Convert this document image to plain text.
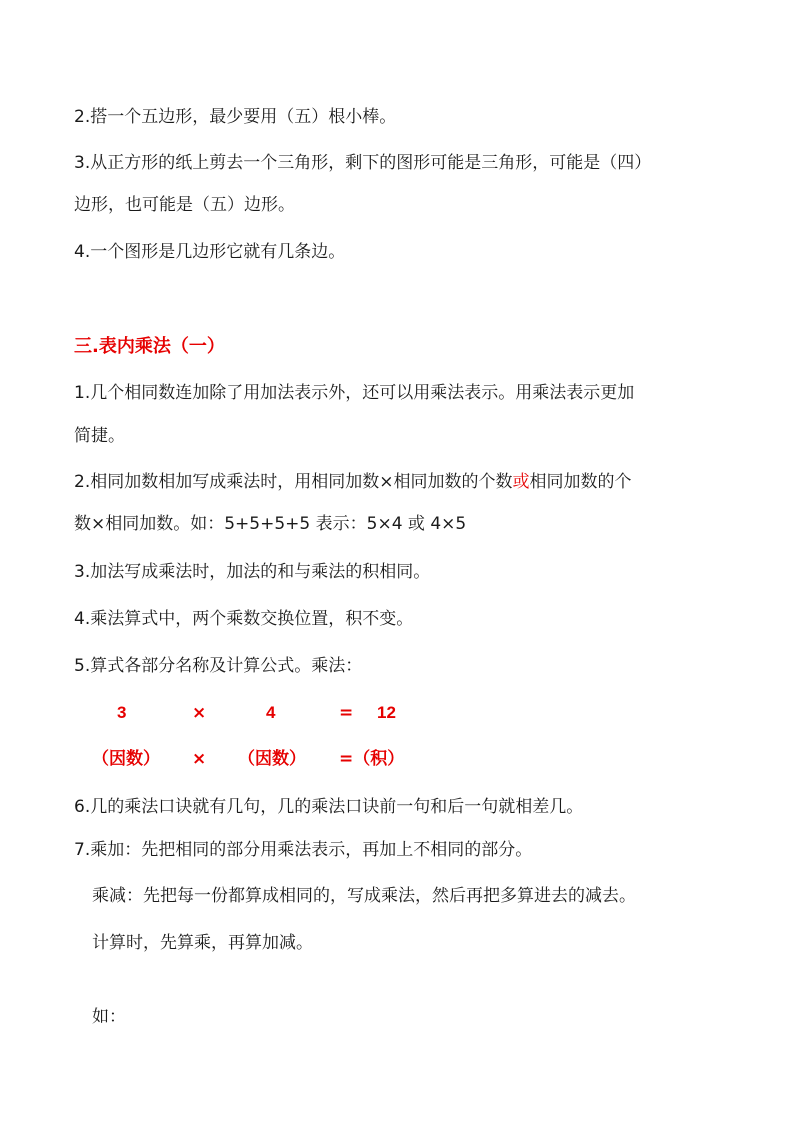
2.搭一个五边形，最少要用（五）根小棒。
3.从正方形的纸上剪去一个三角形，剩下的图形可能是三角形，可能是（四）
边形，也可能是（五）边形。
4.一个图形是几边形它就有几条边。
三.表内乘法（一）
1.几个相同数连加除了用加法表示外，还可以用乘法表示。用乘法表示更加
简捷。
2.相同加数相加写成乘法时，用相同加数×相同加数的个数或相同加数的个
数×相同加数。如：5+5+5+5 表示：5×4 或 4×5
3.加法写成乘法时，加法的和与乘法的积相同。
4.乘法算式中，两个乘数交换位置，积不变。
5.算式各部分名称及计算公式。乘法：
3	×	4	= 12
（因数） × （因数） =（积）
6.几的乘法口诀就有几句，几的乘法口诀前一句和后一句就相差几。
7.乘加：先把相同的部分用乘法表示，再加上不相同的部分。
乘减：先把每一份都算成相同的，写成乘法，然后再把多算进去的减去。
计算时，先算乘，再算加减。
如：
